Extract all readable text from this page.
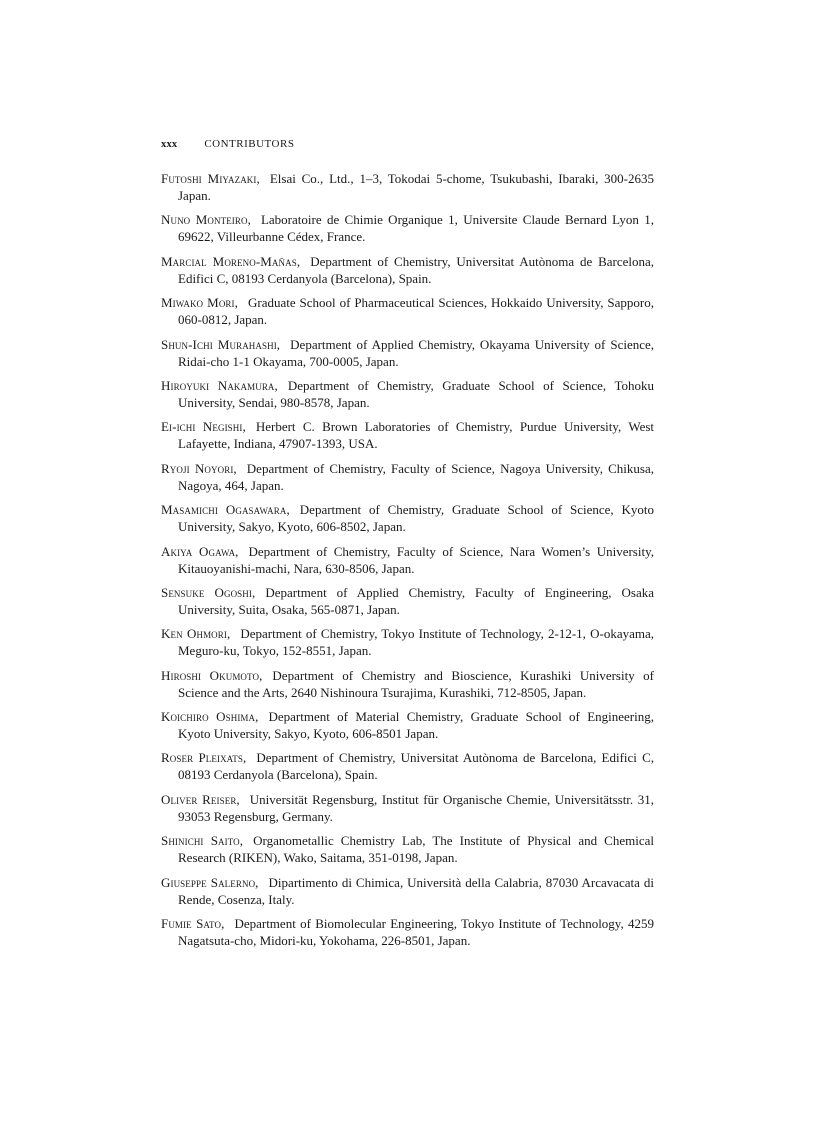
xxx CONTRIBUTORS

Futoshi Miyazaki, Elsai Co., Ltd., 1–3, Tokodai 5-chome, Tsukubashi, Ibaraki, 300-2635 Japan.

Nuno Monteiro, Laboratoire de Chimie Organique 1, Universite Claude Bernard Lyon 1, 69622, Villeurbanne Cédex, France.

Marcial Moreno-Mañas, Department of Chemistry, Universitat Autònoma de Barcelona, Edifici C, 08193 Cerdanyola (Barcelona), Spain.

Miwako Mori, Graduate School of Pharmaceutical Sciences, Hokkaido University, Sapporo, 060-0812, Japan.

Shun-Ichi Murahashi, Department of Applied Chemistry, Okayama University of Science, Ridai-cho 1-1 Okayama, 700-0005, Japan.

Hiroyuki Nakamura, Department of Chemistry, Graduate School of Science, Tohoku University, Sendai, 980-8578, Japan.

Ei-ichi Negishi, Herbert C. Brown Laboratories of Chemistry, Purdue University, West Lafayette, Indiana, 47907-1393, USA.

Ryoji Noyori, Department of Chemistry, Faculty of Science, Nagoya University, Chikusa, Nagoya, 464, Japan.

Masamichi Ogasawara, Department of Chemistry, Graduate School of Science, Kyoto University, Sakyo, Kyoto, 606-8502, Japan.

Akiya Ogawa, Department of Chemistry, Faculty of Science, Nara Women’s University, Kitauoyanishi-machi, Nara, 630-8506, Japan.

Sensuke Ogoshi, Department of Applied Chemistry, Faculty of Engineering, Osaka University, Suita, Osaka, 565-0871, Japan.

Ken Ohmori, Department of Chemistry, Tokyo Institute of Technology, 2-12-1, O-okayama, Meguro-ku, Tokyo, 152-8551, Japan.

Hiroshi Okumoto, Department of Chemistry and Bioscience, Kurashiki University of Science and the Arts, 2640 Nishinoura Tsurajima, Kurashiki, 712-8505, Japan.

Koichiro Oshima, Department of Material Chemistry, Graduate School of Engineering, Kyoto University, Sakyo, Kyoto, 606-8501 Japan.

Roser Pleixats, Department of Chemistry, Universitat Autònoma de Barcelona, Edifici C, 08193 Cerdanyola (Barcelona), Spain.

Oliver Reiser, Universität Regensburg, Institut für Organische Chemie, Universitätsstr. 31, 93053 Regensburg, Germany.

Shinichi Saito, Organometallic Chemistry Lab, The Institute of Physical and Chemical Research (RIKEN), Wako, Saitama, 351-0198, Japan.

Giuseppe Salerno, Dipartimento di Chimica, Università della Calabria, 87030 Arcavacata di Rende, Cosenza, Italy.

Fumie Sato, Department of Biomolecular Engineering, Tokyo Institute of Technology, 4259 Nagatsuta-cho, Midori-ku, Yokohama, 226-8501, Japan.
